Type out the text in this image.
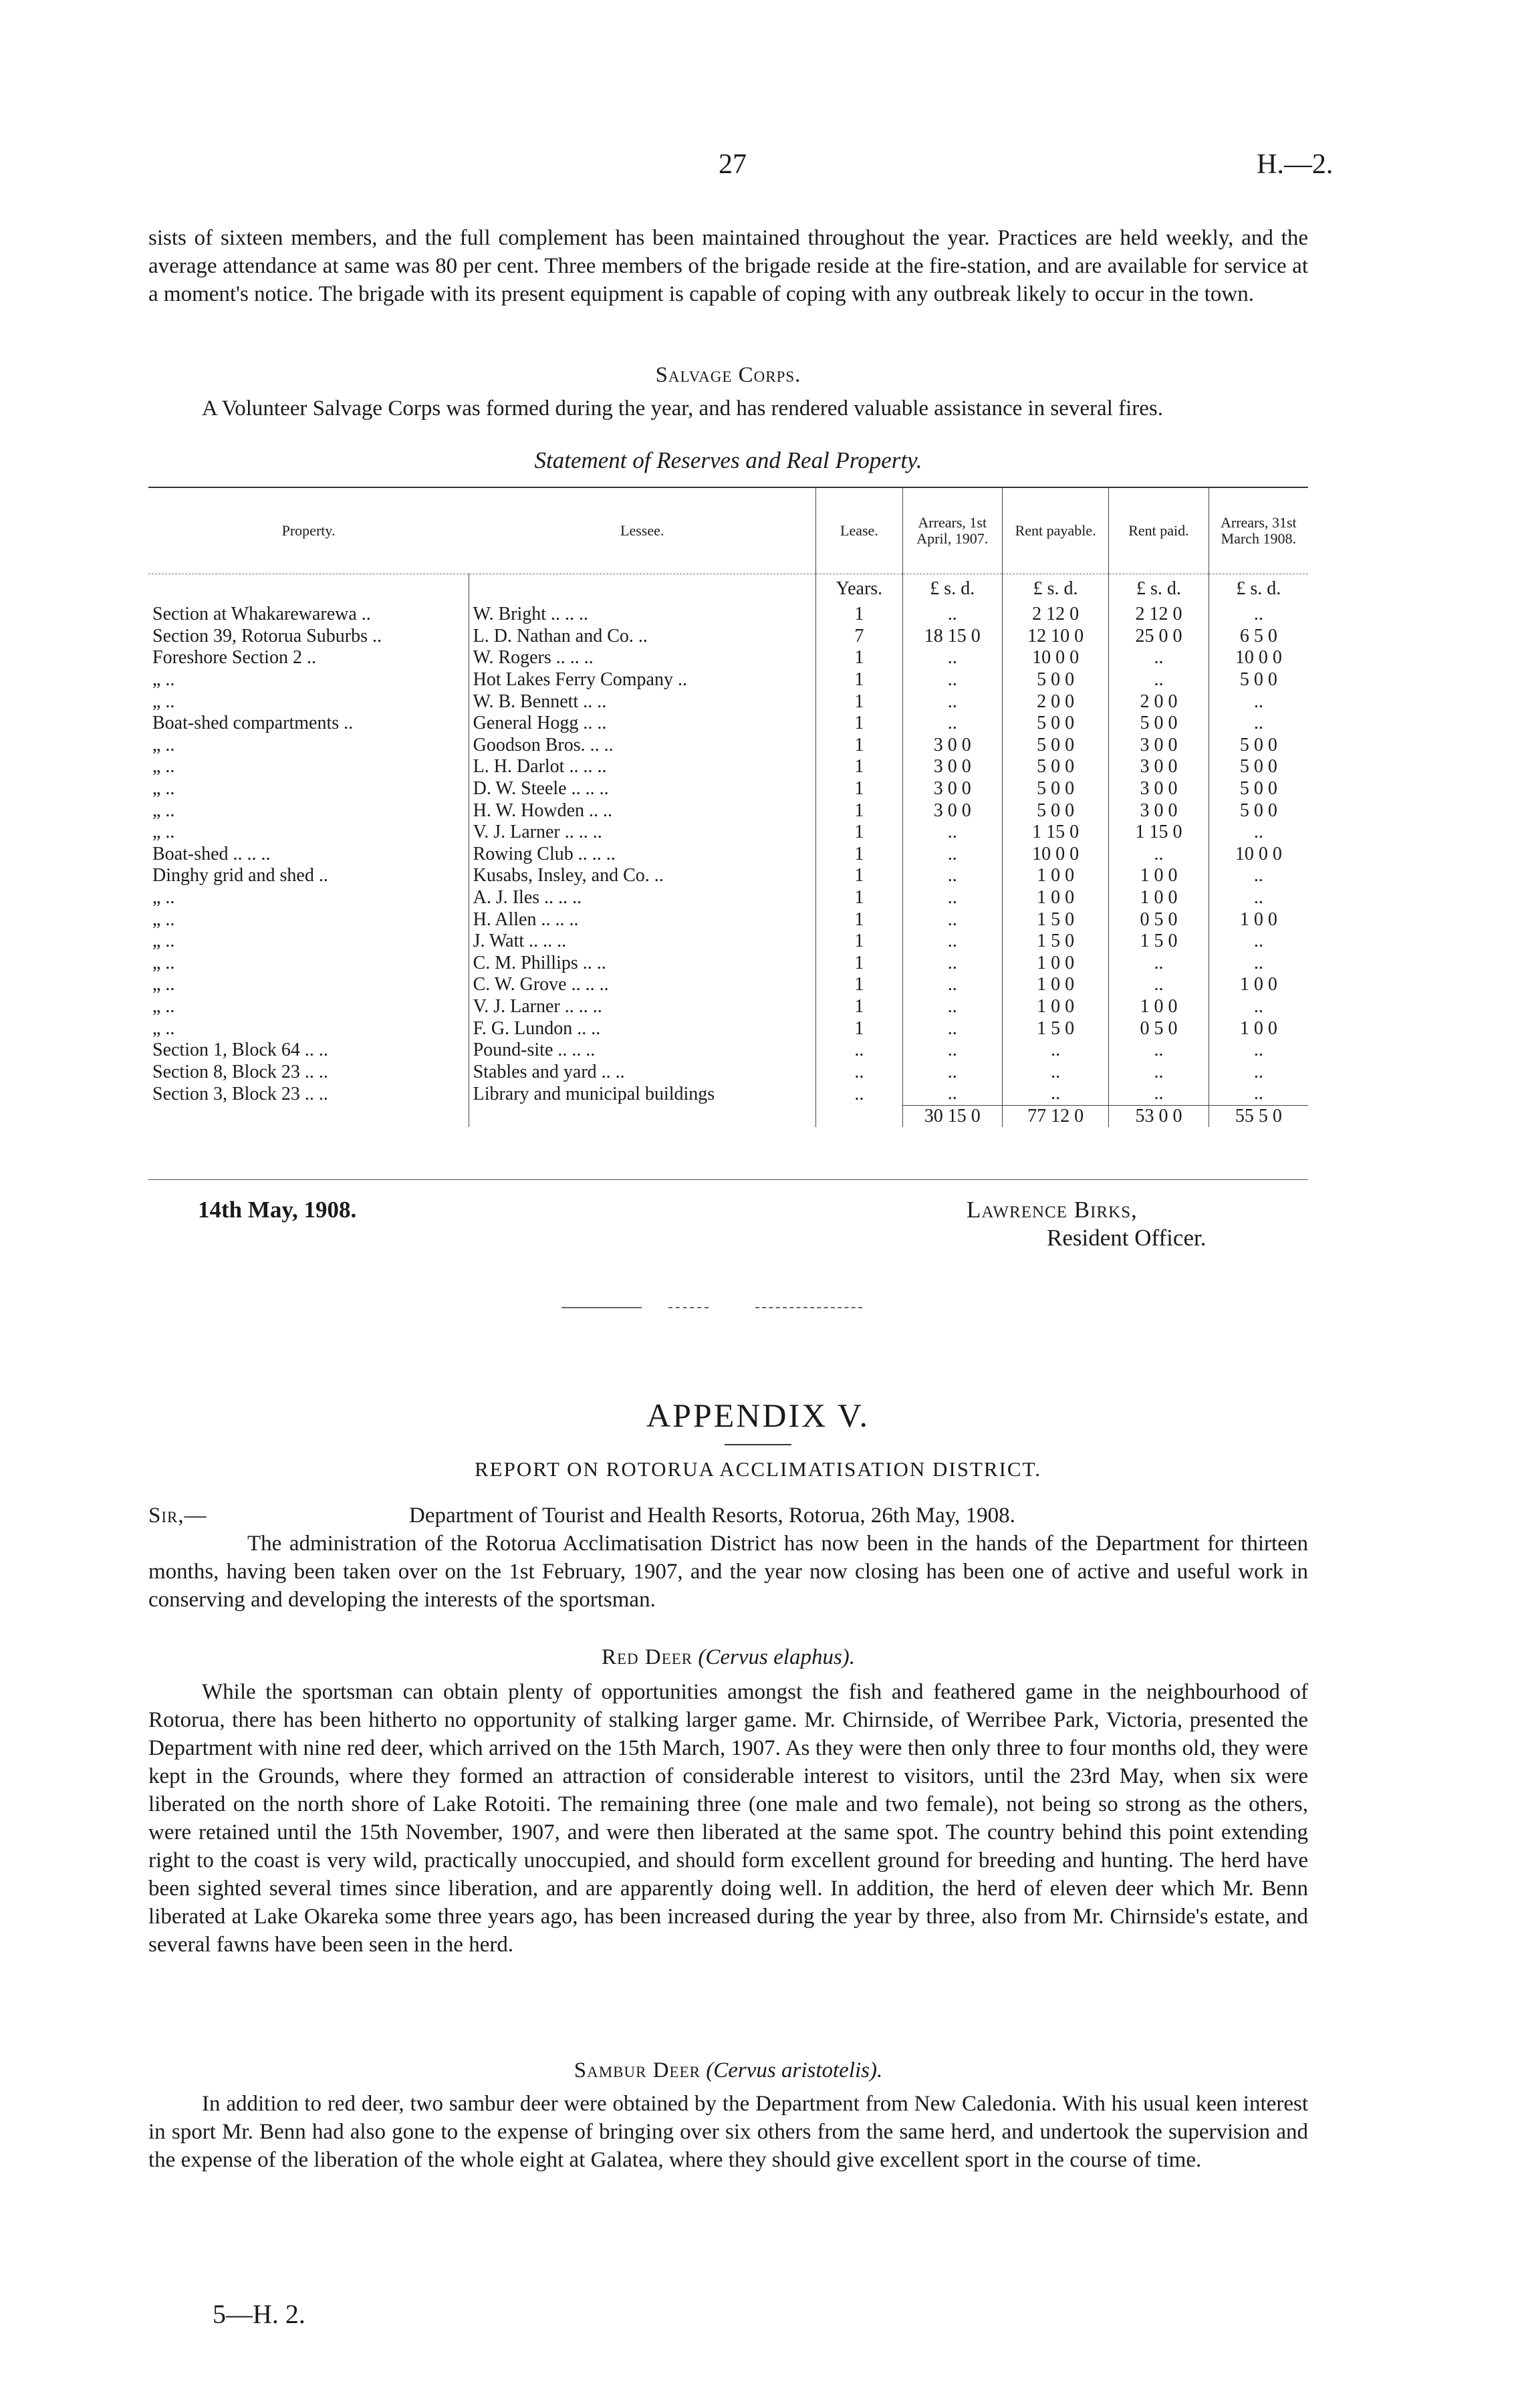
27	H.—2.

sists of sixteen members, and the full complement has been maintained throughout the year. Practices are held weekly, and the average attendance at same was 80 per cent. Three members of the brigade reside at the fire-station, and are available for service at a moment's notice. The brigade with its present equipment is capable of coping with any outbreak likely to occur in the town.

Salvage Corps.

A Volunteer Salvage Corps was formed during the year, and has rendered valuable assistance in several fires.

Statement of Reserves and Real Property.
Property.	Lessee.	Lease.	Arrears, 1st April, 1907.	Rent payable.	Rent paid.	Arrears, 31st March 1908.
		Years.	£ s. d.	£ s. d.	£ s. d.	£ s. d.
Section at Whakarewarewa ..	W. Bright .. .. ..	1	..	2 12 0	2 12 0	..
Section 39, Rotorua Suburbs ..	L. D. Nathan and Co. ..	7	18 15 0	12 10 0	25 0 0	6 5 0
Foreshore Section 2 ..	W. Rogers .. .. ..	1	..	10 0 0	..	10 0 0
„ ..	Hot Lakes Ferry Company ..	1	..	5 0 0	..	5 0 0
„ ..	W. B. Bennett .. ..	1	..	2 0 0	2 0 0	..
Boat-shed compartments ..	General Hogg .. ..	1	..	5 0 0	5 0 0	..
„ ..	Goodson Bros. .. ..	1	3 0 0	5 0 0	3 0 0	5 0 0
„ ..	L. H. Darlot .. .. ..	1	3 0 0	5 0 0	3 0 0	5 0 0
„ ..	D. W. Steele .. .. ..	1	3 0 0	5 0 0	3 0 0	5 0 0
„ ..	H. W. Howden .. ..	1	3 0 0	5 0 0	3 0 0	5 0 0
„ ..	V. J. Larner .. .. ..	1	..	1 15 0	1 15 0	..
Boat-shed .. .. ..	Rowing Club .. .. ..	1	..	10 0 0	..	10 0 0
Dinghy grid and shed ..	Kusabs, Insley, and Co. ..	1	..	1 0 0	1 0 0	..
„ ..	A. J. Iles .. .. ..	1	..	1 0 0	1 0 0	..
„ ..	H. Allen .. .. ..	1	..	1 5 0	0 5 0	1 0 0
„ ..	J. Watt .. .. ..	1	..	1 5 0	1 5 0	..
„ ..	C. M. Phillips .. ..	1	..	1 0 0	..	..
„ ..	C. W. Grove .. .. ..	1	..	1 0 0	..	1 0 0
„ ..	V. J. Larner .. .. ..	1	..	1 0 0	1 0 0	..
„ ..	F. G. Lundon .. ..	1	..	1 5 0	0 5 0	1 0 0
Section 1, Block 64 .. ..	Pound-site .. .. ..	..	..	..	..	..
Section 8, Block 23 .. ..	Stables and yard .. ..	..	..	..	..	..
Section 3, Block 23 .. ..	Library and municipal buildings	..	..	..	..	..
			30 15 0	77 12 0	53 0 0	55 5 0
14th May, 1908.	Lawrence Birks,
Resident Officer.
APPENDIX V.
REPORT ON ROTORUA ACCLIMATISATION DISTRICT.
Sir,—	Department of Tourist and Health Resorts, Rotorua, 26th May, 1908.

The administration of the Rotorua Acclimatisation District has now been in the hands of the Department for thirteen months, having been taken over on the 1st February, 1907, and the year now closing has been one of active and useful work in conserving and developing the interests of the sportsman.

Red Deer (Cervus elaphus).

While the sportsman can obtain plenty of opportunities amongst the fish and feathered game in the neighbourhood of Rotorua, there has been hitherto no opportunity of stalking larger game. Mr. Chirnside, of Werribee Park, Victoria, presented the Department with nine red deer, which arrived on the 15th March, 1907. As they were then only three to four months old, they were kept in the Grounds, where they formed an attraction of considerable interest to visitors, until the 23rd May, when six were liberated on the north shore of Lake Rotoiti. The remaining three (one male and two female), not being so strong as the others, were retained until the 15th November, 1907, and were then liberated at the same spot. The country behind this point extending right to the coast is very wild, practically unoccupied, and should form excellent ground for breeding and hunting. The herd have been sighted several times since liberation, and are apparently doing well. In addition, the herd of eleven deer which Mr. Benn liberated at Lake Okareka some three years ago, has been increased during the year by three, also from Mr. Chirnside's estate, and several fawns have been seen in the herd.

Sambur Deer (Cervus aristotelis).

In addition to red deer, two sambur deer were obtained by the Department from New Caledonia. With his usual keen interest in sport Mr. Benn had also gone to the expense of bringing over six others from the same herd, and undertook the supervision and the expense of the liberation of the whole eight at Galatea, where they should give excellent sport in the course of time.

5—H. 2.
